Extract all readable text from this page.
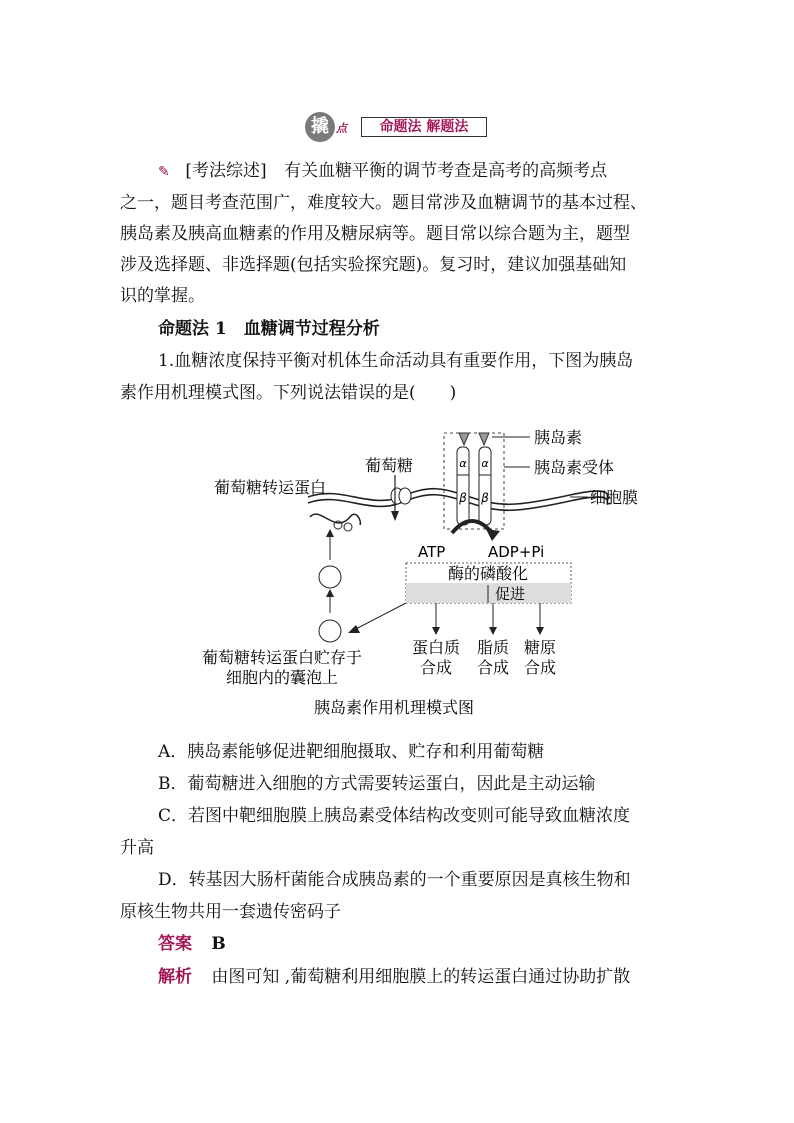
撬 点	命题法 解题法
✎ [考法综述] 有关血糖平衡的调节考查是高考的高频考点
之一，题目考查范围广，难度较大。题目常涉及血糖调节的基本过程、
胰岛素及胰高血糖素的作用及糖尿病等。题目常以综合题为主，题型
涉及选择题、非选择题(包括实验探究题)。复习时，建议加强基础知
识的掌握。
命题法 1　血糖调节过程分析
1.血糖浓度保持平衡对机体生命活动具有重要作用，下图为胰岛
素作用机理模式图。下列说法错误的是(　　)
α α
β β
胰岛素
胰岛素受体
细胞膜
葡萄糖
葡萄糖转运蛋白
ATP	ADP+Pi
酶的磷酸化
促进
蛋白质
合成
脂质
合成
糖原
合成
葡萄糖转运蛋白贮存于
细胞内的囊泡上
胰岛素作用机理模式图
A．胰岛素能够促进靶细胞摄取、贮存和利用葡萄糖
B．葡萄糖进入细胞的方式需要转运蛋白，因此是主动运输
C．若图中靶细胞膜上胰岛素受体结构改变则可能导致血糖浓度
升高
D．转基因大肠杆菌能合成胰岛素的一个重要原因是真核生物和
原核生物共用一套遗传密码子
答案 B
解析 由图可知 ,葡萄糖利用细胞膜上的转运蛋白通过协助扩散
